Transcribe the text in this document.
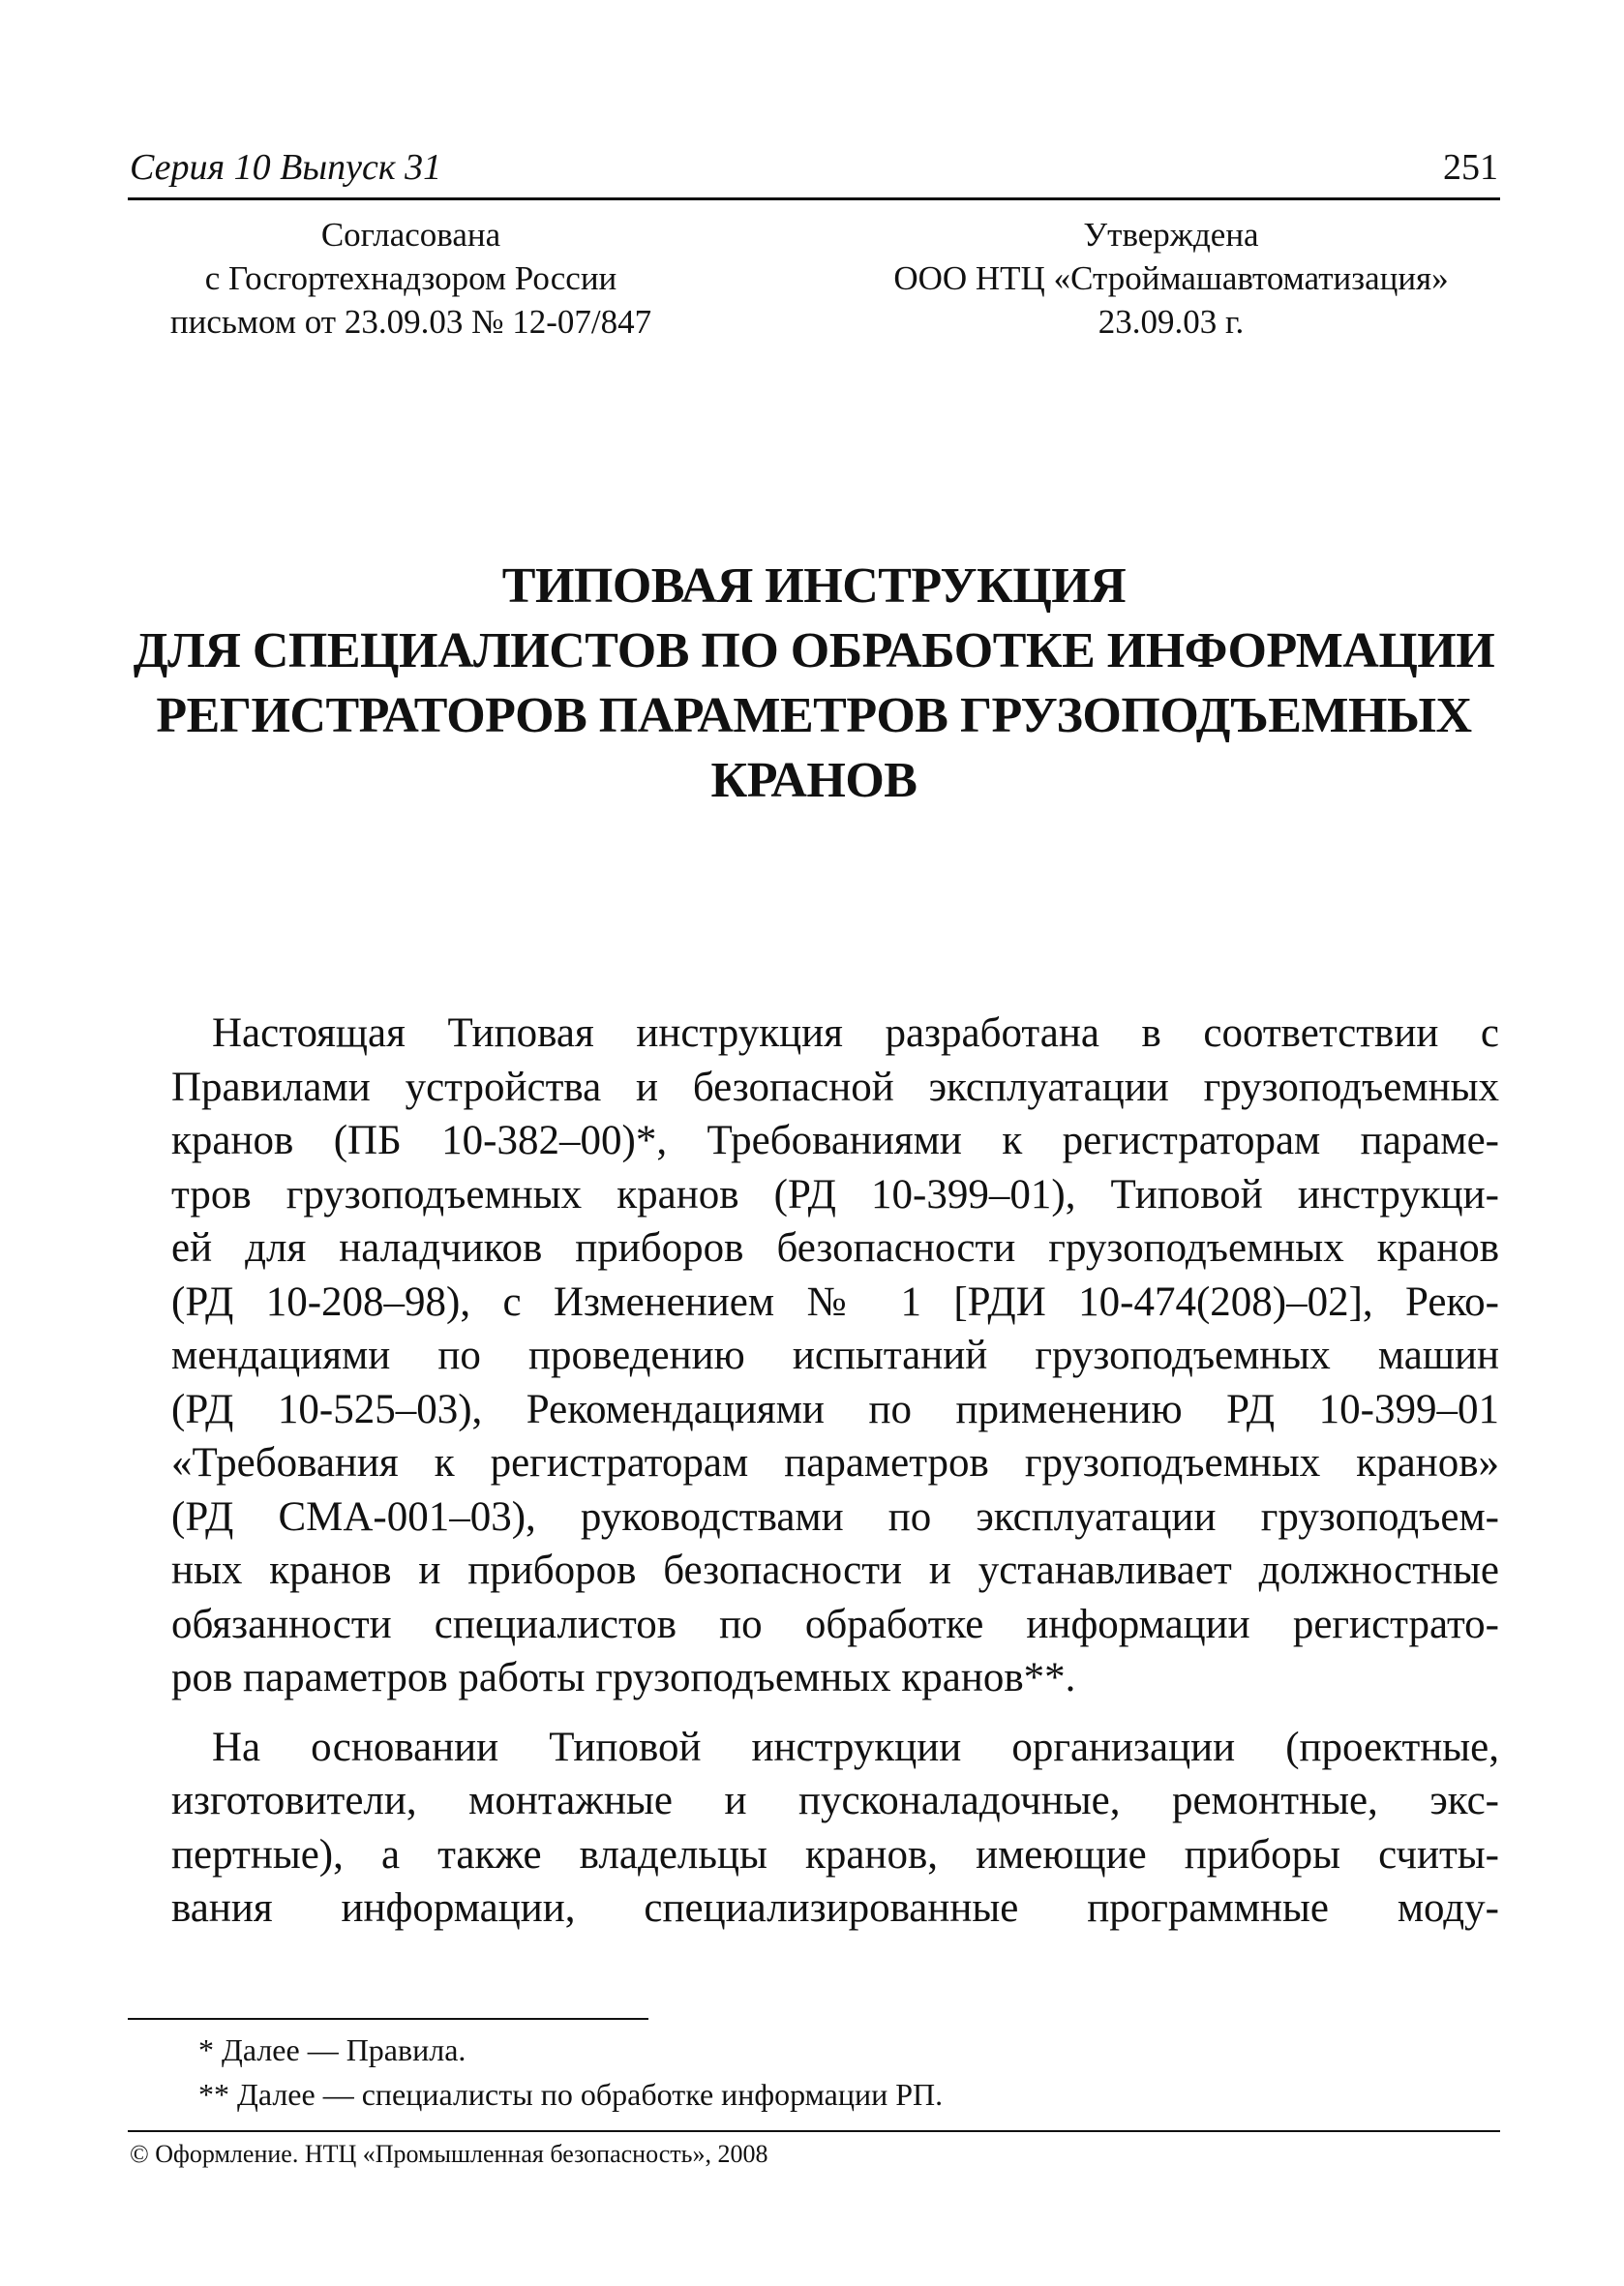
Серия 10 Выпуск 31	251
Согласована
с Госгортехнадзором России
письмом от 23.09.03 № 12-07/847
Утверждена
ООО НТЦ «Строймашавтоматизация»
23.09.03 г.
ТИПОВАЯ ИНСТРУКЦИЯ
ДЛЯ СПЕЦИАЛИСТОВ ПО ОБРАБОТКЕ ИНФОРМАЦИИ
РЕГИСТРАТОРОВ ПАРАМЕТРОВ ГРУЗОПОДЪЕМНЫХ
КРАНОВ
Настоящая Типовая инструкция разработана в соответствии с
Правилами устройства и безопасной эксплуатации грузоподъемных
кранов (ПБ 10-382–00)*, Требованиями к регистраторам параме-
тров грузоподъемных кранов (РД 10-399–01), Типовой инструкци-
ей для наладчиков приборов безопасности грузоподъемных кранов
(РД 10-208–98), с Изменением № 1 [РДИ 10-474(208)–02], Реко-
мендациями по проведению испытаний грузоподъемных машин
(РД 10-525–03), Рекомендациями по применению РД 10-399–01
«Требования к регистраторам параметров грузоподъемных кранов»
(РД СМА-001–03), руководствами по эксплуатации грузоподъем-
ных кранов и приборов безопасности и устанавливает должностные
обязанности специалистов по обработке информации регистрато-
ров параметров работы грузоподъемных кранов**.
На основании Типовой инструкции организации (проектные,
изготовители, монтажные и пусконаладочные, ремонтные, экс-
пертные), а также владельцы кранов, имеющие приборы считы-
вания информации, специализированные программные моду-
* Далее — Правила.
** Далее — специалисты по обработке информации РП.
© Оформление. НТЦ «Промышленная безопасность», 2008
